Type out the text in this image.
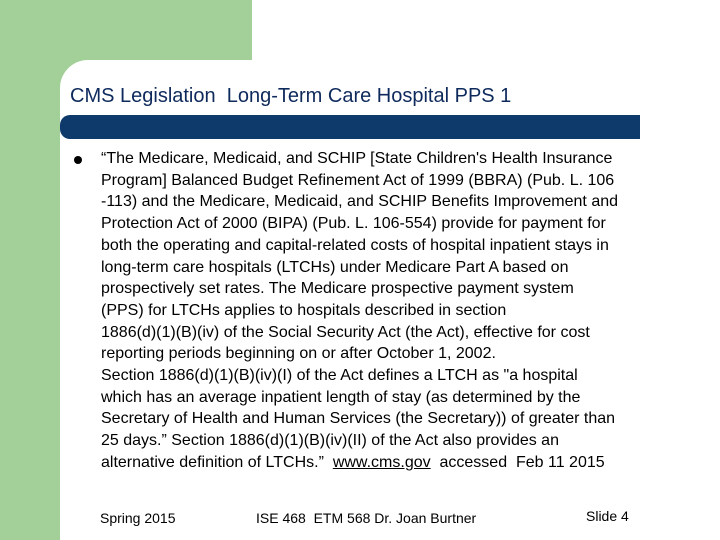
CMS Legislation  Long-Term Care Hospital PPS 1
“The Medicare, Medicaid, and SCHIP [State Children's Health Insurance
Program] Balanced Budget Refinement Act of 1999 (BBRA) (Pub. L. 106
-113) and the Medicare, Medicaid, and SCHIP Benefits Improvement and
Protection Act of 2000 (BIPA) (Pub. L. 106-554) provide for payment for
both the operating and capital-related costs of hospital inpatient stays in
long-term care hospitals (LTCHs) under Medicare Part A based on
prospectively set rates. The Medicare prospective payment system
(PPS) for LTCHs applies to hospitals described in section
1886(d)(1)(B)(iv) of the Social Security Act (the Act), effective for cost
reporting periods beginning on or after October 1, 2002.
Section 1886(d)(1)(B)(iv)(I) of the Act defines a LTCH as "a hospital
which has an average inpatient length of stay (as determined by the
Secretary of Health and Human Services (the Secretary)) of greater than
25 days.” Section 1886(d)(1)(B)(iv)(II) of the Act also provides an
alternative definition of LTCHs.”  www.cms.gov  accessed  Feb 11 2015
Spring 2015	ISE 468  ETM 568 Dr. Joan Burtner	Slide 4
